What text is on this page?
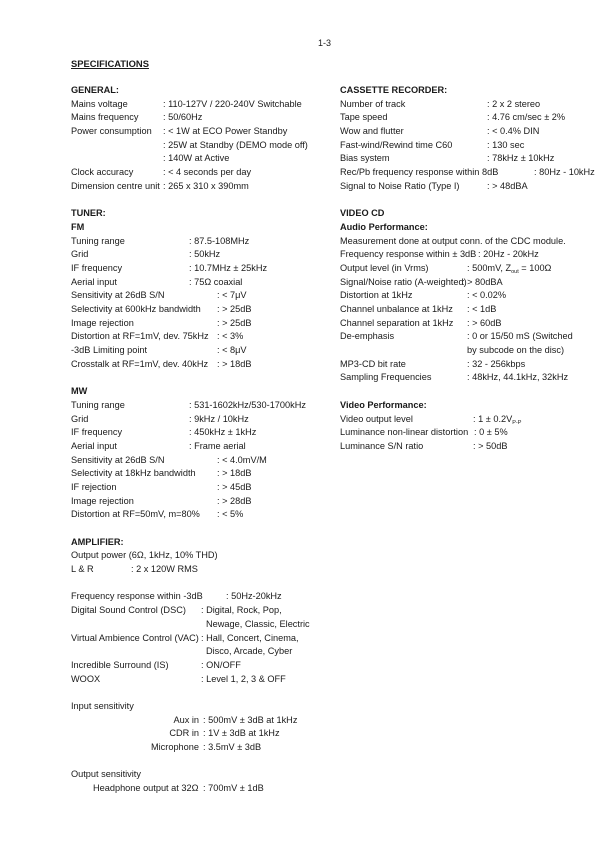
1-3
SPECIFICATIONS
GENERAL:
Mains voltage	: 110-127V / 220-240V Switchable
Mains frequency	: 50/60Hz
Power consumption : < 1W at ECO Power Standby
: 25W at Standby (DEMO mode off)
: 140W at Active
Clock accuracy	: < 4 seconds per day
Dimension centre unit : 265 x 310 x 390mm
TUNER:
FM
Tuning range	: 87.5-108MHz
Grid	: 50kHz
IF frequency	: 10.7MHz ± 25kHz
Aerial input	: 75Ω coaxial
Sensitivity at 26dB S/N	: < 7μV
Selectivity at 600kHz bandwidth : > 25dB
Image rejection	: > 25dB
Distortion at RF=1mV, dev. 75kHz : < 3%
-3dB Limiting point	: < 8μV
Crosstalk at RF=1mV, dev. 40kHz : > 18dB
MW
Tuning range	: 531-1602kHz/530-1700kHz
Grid	: 9kHz / 10kHz
IF frequency	: 450kHz ± 1kHz
Aerial input	: Frame aerial
Sensitivity at 26dB S/N	: < 4.0mV/M
Selectivity at 18kHz bandwidth : > 18dB
IF rejection	: > 45dB
Image rejection	: > 28dB
Distortion at RF=50mV, m=80% : < 5%
AMPLIFIER:
Output power (6Ω, 1kHz, 10% THD)
L & R	: 2 x 120W RMS
Frequency response within -3dB	: 50Hz-20kHz
Digital Sound Control (DSC) : Digital, Rock, Pop,
Newage, Classic, Electric
Virtual Ambience Control (VAC) : Hall, Concert, Cinema,
Disco, Arcade, Cyber
Incredible Surround (IS)	: ON/OFF
WOOX	: Level 1, 2, 3 & OFF
Input sensitivity
Aux in : 500mV ± 3dB at 1kHz
CDR in : 1V ± 3dB at 1kHz
Microphone : 3.5mV ± 3dB
Output sensitivity
Headphone output at 32Ω : 700mV ± 1dB
CASSETTE RECORDER:
Number of track	: 2 x 2 stereo
Tape speed	: 4.76 cm/sec ± 2%
Wow and flutter	: < 0.4% DIN
Fast-wind/Rewind time C60	: 130 sec
Bias system	: 78kHz ± 10kHz
Rec/Pb frequency response within 8dB	: 80Hz - 10kHz
Signal to Noise Ratio (Type I)	: > 48dBA
VIDEO CD
Audio Performance:
Measurement done at output conn. of the CDC module.
Frequency response within ± 3dB : 20Hz - 20kHz
Output level (in Vrms)	: 500mV, $Z_{out} = 100\Omega$
Signal/Noise ratio (A-weighted)
: > 80dBA
Distortion at 1kHz	: < 0.02%
Channel unbalance at 1kHz : < 1dB
Channel separation at 1kHz : > 60dB
De-emphasis	: 0 or 15/50 mS (Switched
by subcode on the disc)
MP3-CD bit rate	: 32 - 256kbps
Sampling Frequencies	: 48kHz, 44.1kHz, 32kHz
Video Performance:
Video output level	: $1 \pm 0.2V_{P-P}$
Luminance non-linear distortion : 0 ± 5%
Luminance S/N ratio	: > 50dB
